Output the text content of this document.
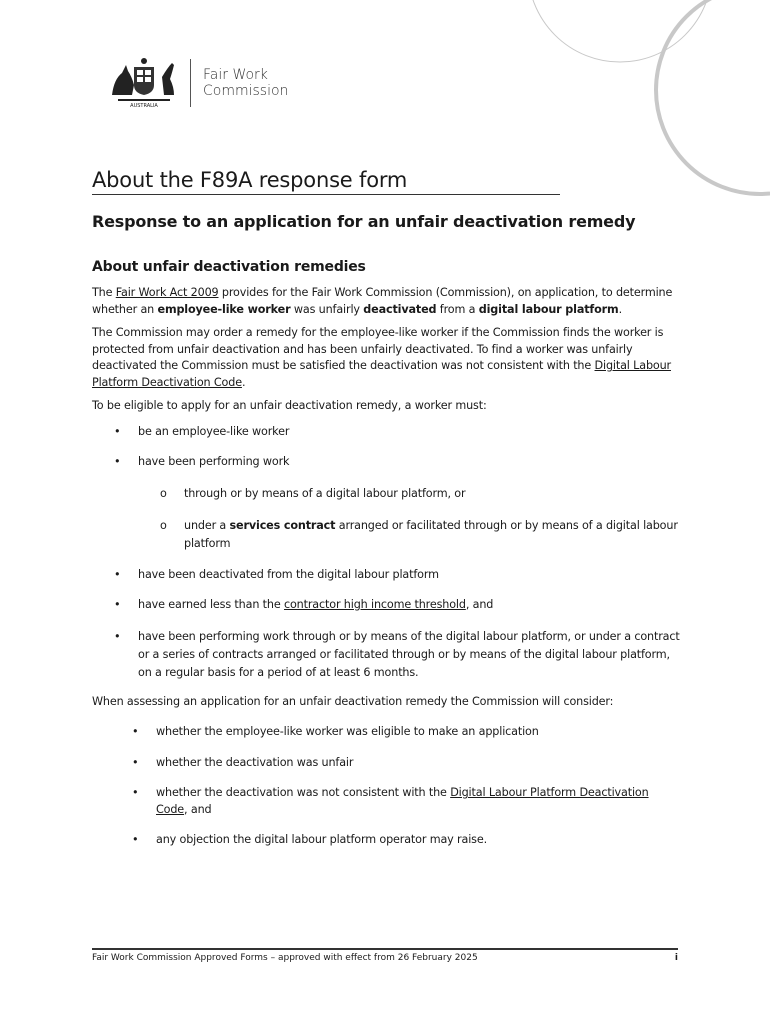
AUSTRALIA
Fair Work
Commission
About the F89A response form
Response to an application for an unfair deactivation remedy
About unfair deactivation remedies

The Fair Work Act 2009 provides for the Fair Work Commission (Commission), on application, to determine whether an employee-like worker was unfairly deactivated from a digital labour platform.

The Commission may order a remedy for the employee-like worker if the Commission finds the worker is protected from unfair deactivation and has been unfairly deactivated. To find a worker was unfairly deactivated the Commission must be satisfied the deactivation was not consistent with the Digital Labour Platform Deactivation Code.

To be eligible to apply for an unfair deactivation remedy, a worker must:

• be an employee-like worker
• have been performing work
o through or by means of a digital labour platform, or
o under a services contract arranged or facilitated through or by means of a digital labour platform
• have been deactivated from the digital labour platform
• have earned less than the contractor high income threshold, and
• have been performing work through or by means of the digital labour platform, or under a contract or a series of contracts arranged or facilitated through or by means of the digital labour platform, on a regular basis for a period of at least 6 months.

When assessing an application for an unfair deactivation remedy the Commission will consider:

• whether the employee-like worker was eligible to make an application
• whether the deactivation was unfair
• whether the deactivation was not consistent with the Digital Labour Platform Deactivation Code, and
• any objection the digital labour platform operator may raise.
Fair Work Commission Approved Forms – approved with effect from 26 February 2025	i
